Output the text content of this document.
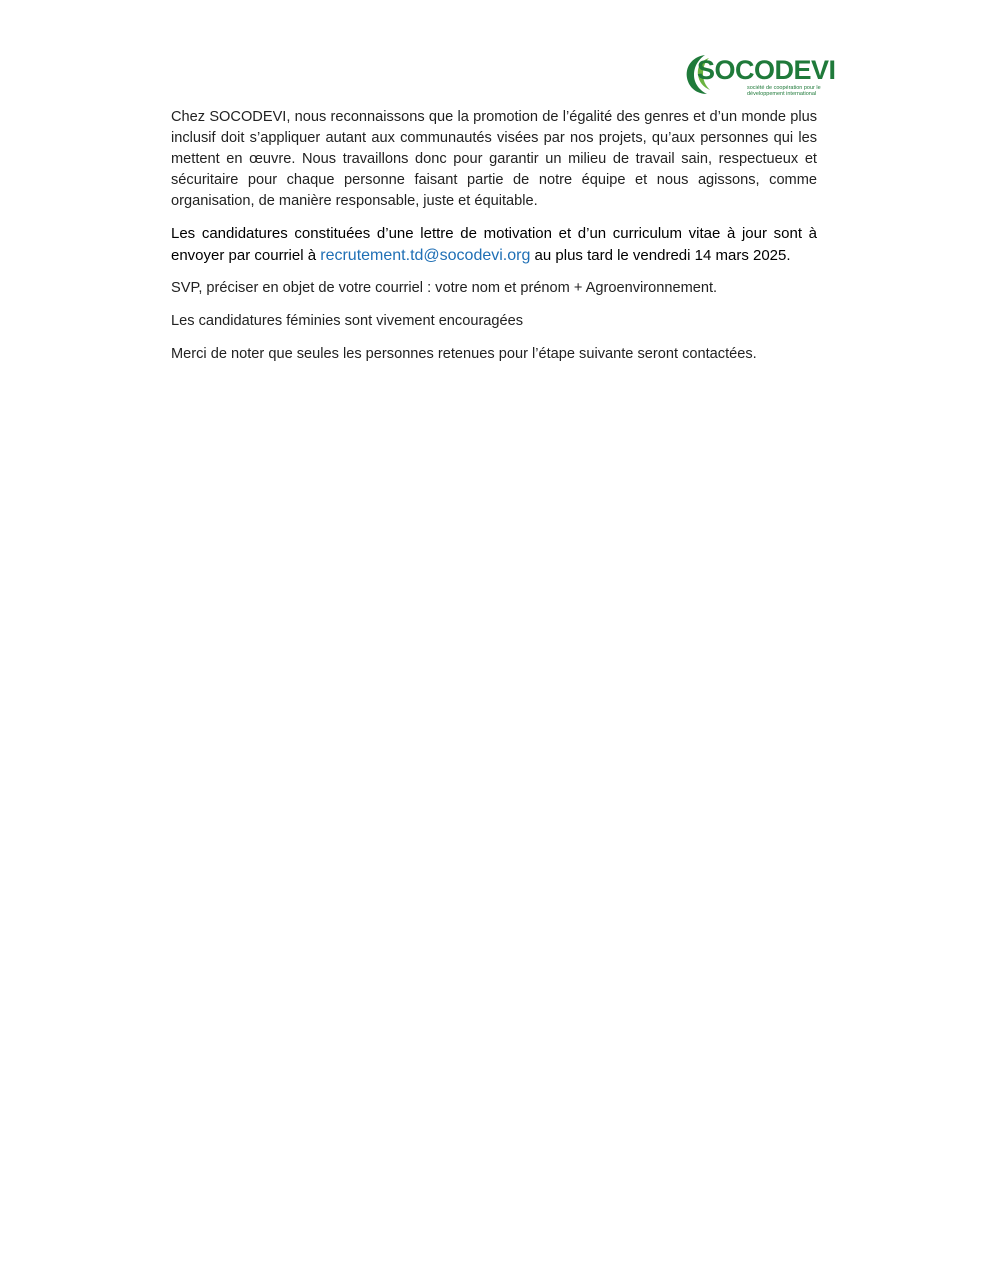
SOCODEVI
société de coopération pour le développement international

Chez SOCODEVI, nous reconnaissons que la promotion de l’égalité des genres et d’un monde plus inclusif doit s’appliquer autant aux communautés visées par nos projets, qu’aux personnes qui les mettent en œuvre. Nous travaillons donc pour garantir un milieu de travail sain, respectueux et sécuritaire pour chaque personne faisant partie de notre équipe et nous agissons, comme organisation, de manière responsable, juste et équitable.

Les candidatures constituées d’une lettre de motivation et d’un curriculum vitae à jour sont à envoyer par courriel à recrutement.td@socodevi.org au plus tard le vendredi 14 mars 2025.

SVP, préciser en objet de votre courriel : votre nom et prénom + Agroenvironnement.

Les candidatures féminies sont vivement encouragées

Merci de noter que seules les personnes retenues pour l’étape suivante seront contactées.
